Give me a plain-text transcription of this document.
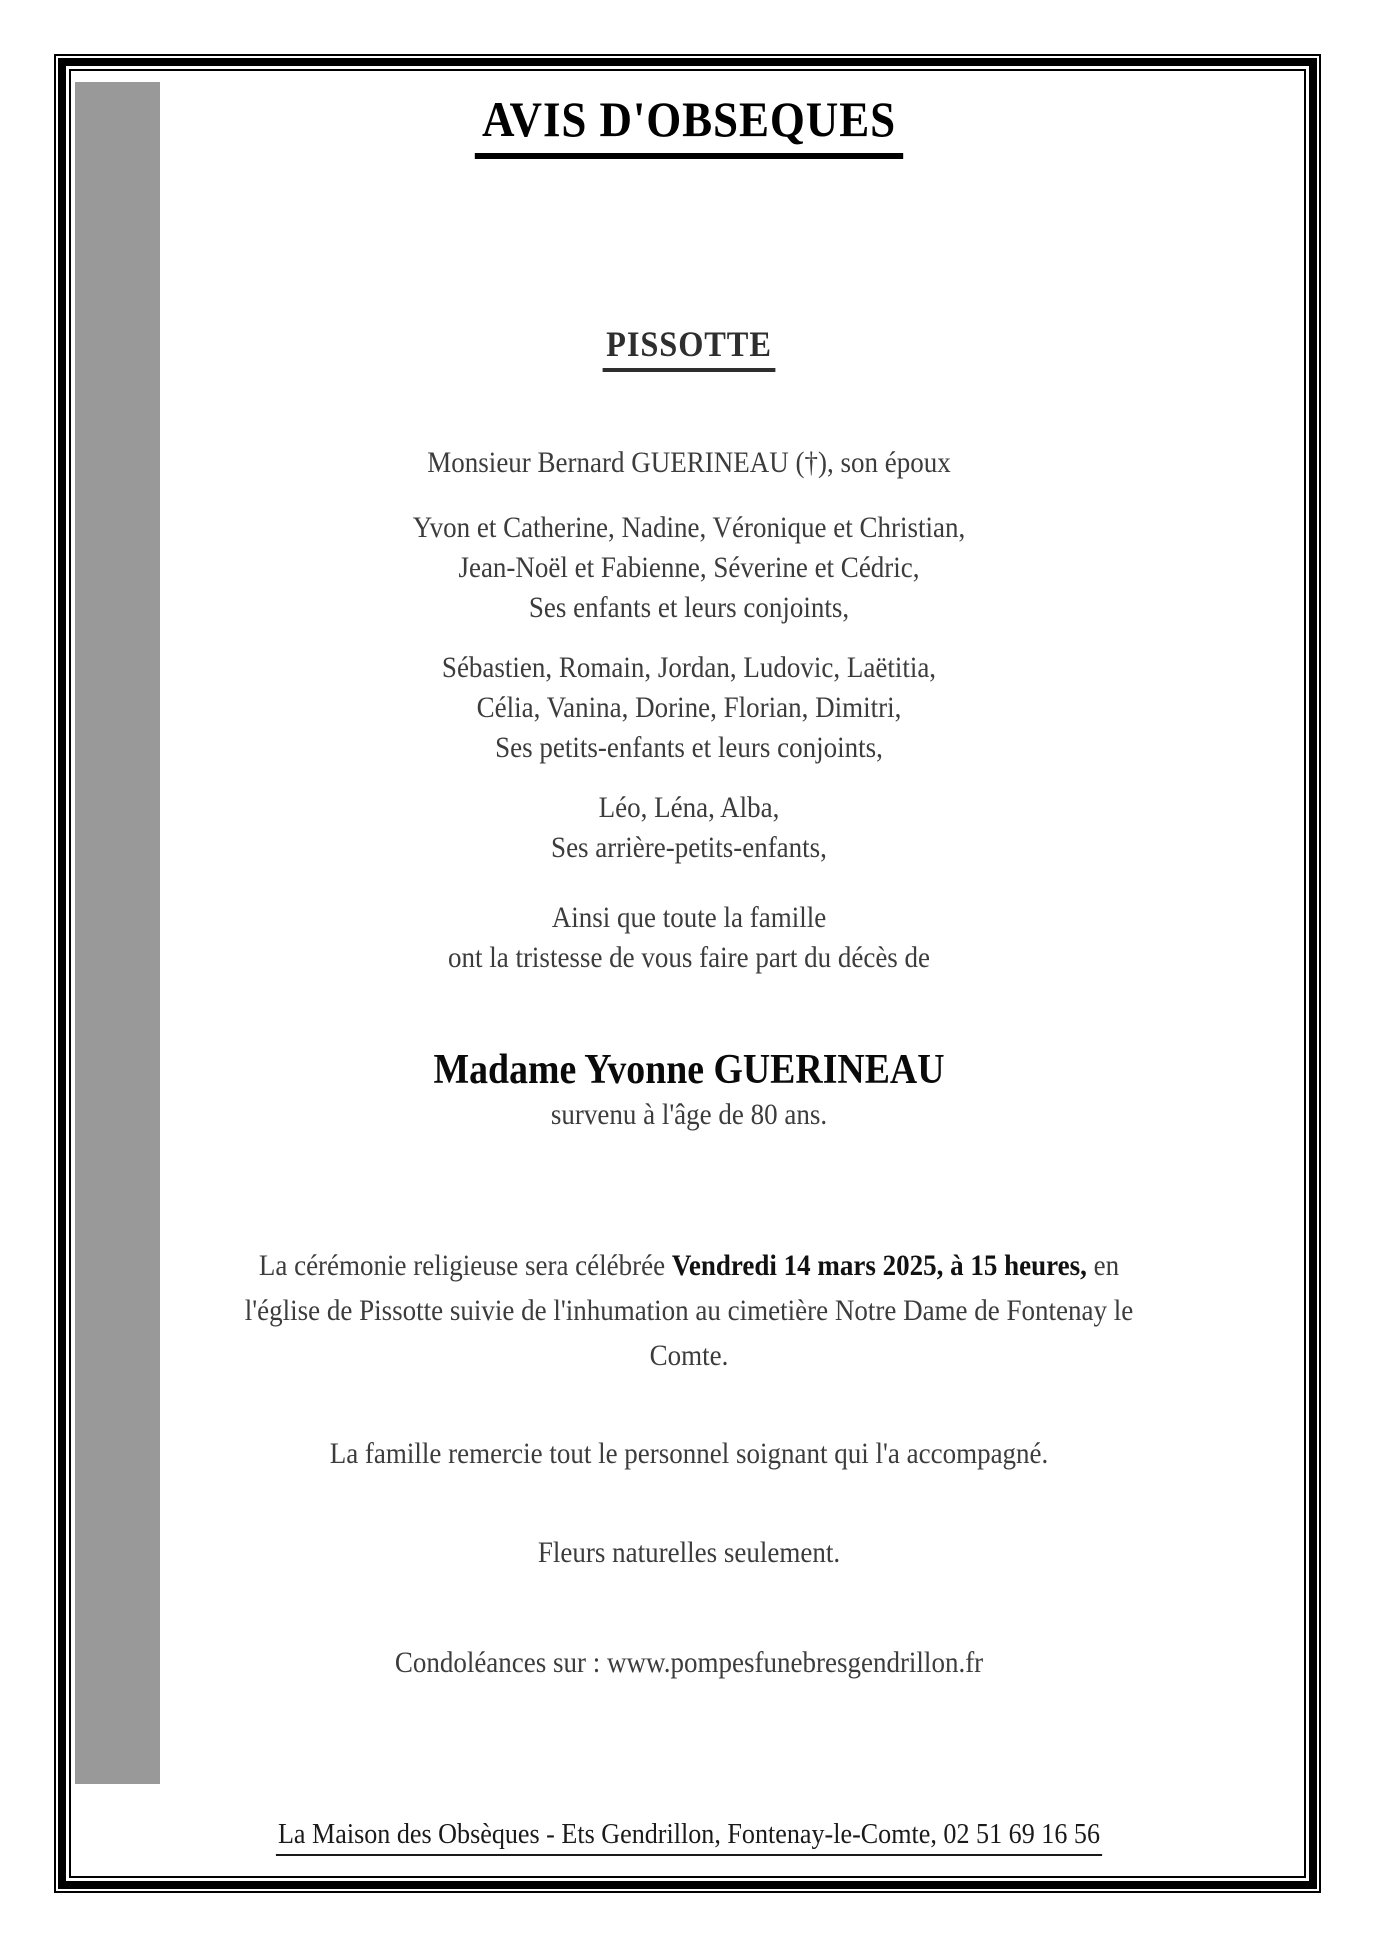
AVIS D'OBSEQUES
PISSOTTE
Monsieur Bernard GUERINEAU (†), son époux
Yvon et Catherine, Nadine, Véronique et Christian,
Jean-Noël et Fabienne, Séverine et Cédric,
Ses enfants et leurs conjoints,
Sébastien, Romain, Jordan, Ludovic, Laëtitia,
Célia, Vanina, Dorine, Florian, Dimitri,
Ses petits-enfants et leurs conjoints,
Léo, Léna, Alba,
Ses arrière-petits-enfants,
Ainsi que toute la famille
ont la tristesse de vous faire part du décès de
Madame Yvonne GUERINEAU
survenu à l'âge de 80 ans.
La cérémonie religieuse sera célébrée Vendredi 14 mars 2025, à 15 heures, en
l'église de Pissotte suivie de l'inhumation au cimetière Notre Dame de Fontenay le
Comte.
La famille remercie tout le personnel soignant qui l'a accompagné.
Fleurs naturelles seulement.
Condoléances sur : www.pompesfunebresgendrillon.fr
La Maison des Obsèques - Ets Gendrillon, Fontenay-le-Comte, 02 51 69 16 56
